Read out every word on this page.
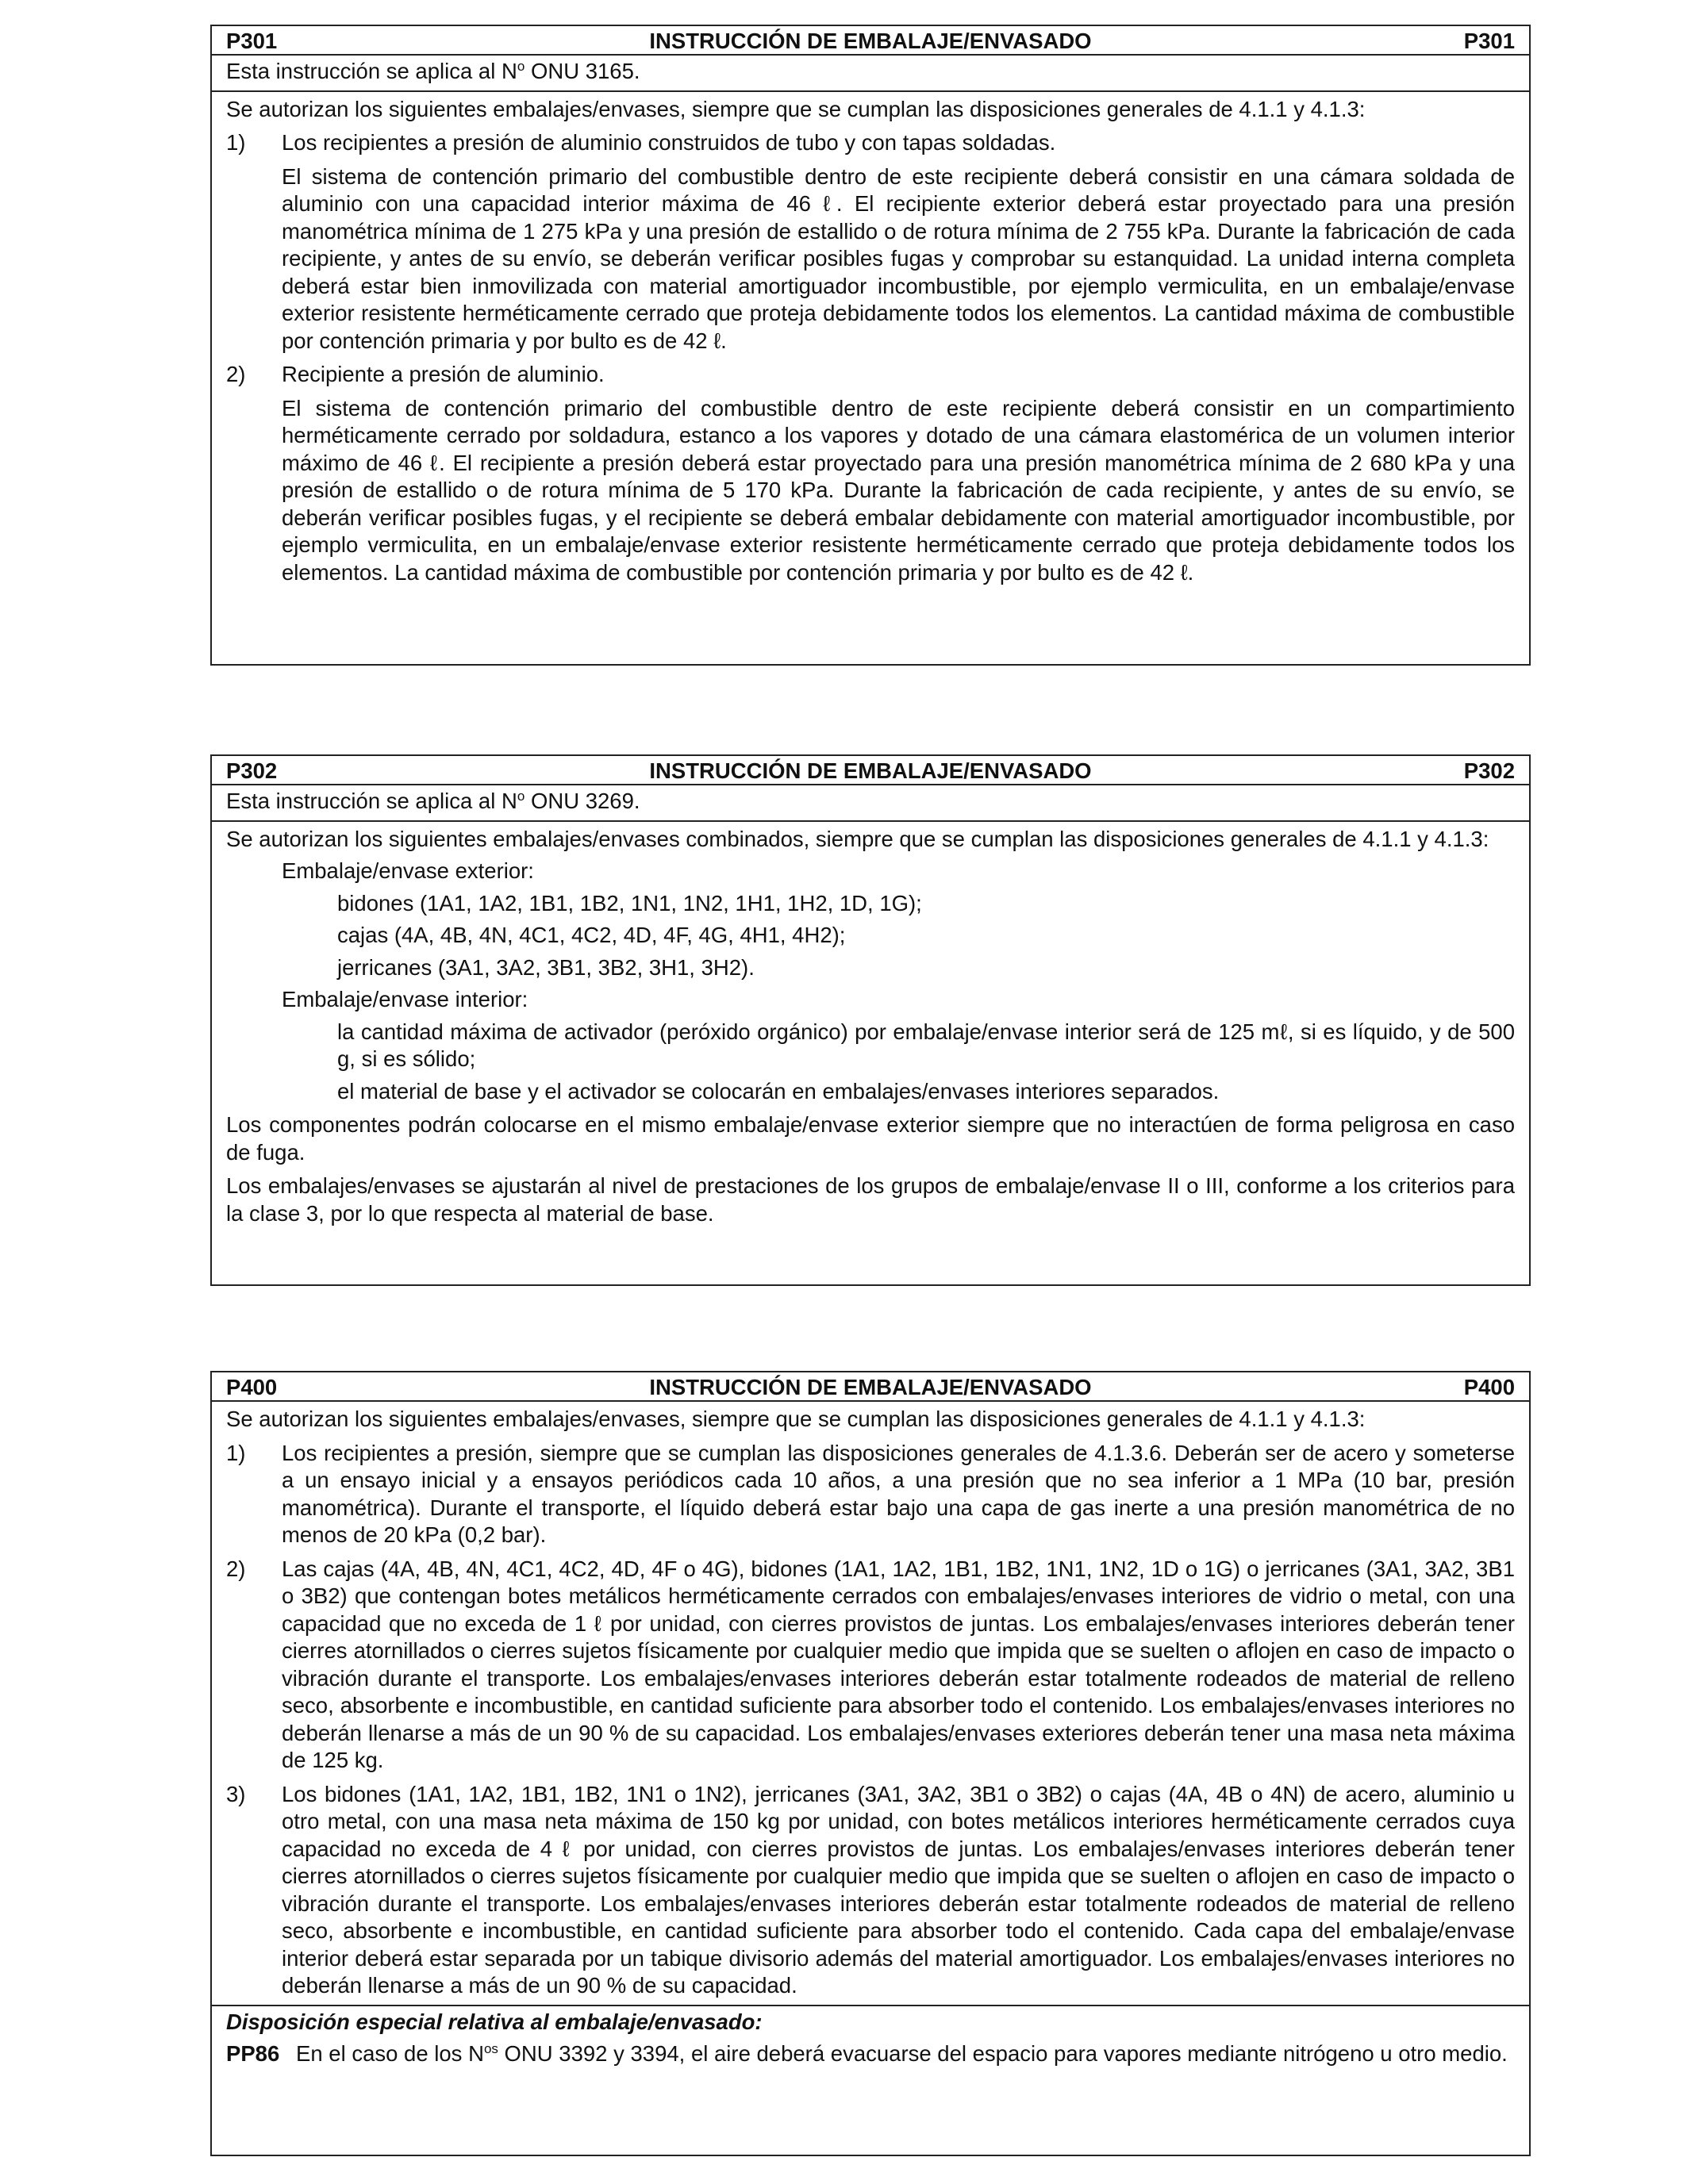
P301	INSTRUCCIÓN DE EMBALAJE/ENVASADO	P301

Esta instrucción se aplica al $N^o$ ONU 3165.

Se autorizan los siguientes embalajes/envases, siempre que se cumplan las disposiciones generales de 4.1.1 y 4.1.3:

1) Los recipientes a presión de aluminio construidos de tubo y con tapas soldadas.

El sistema de contención primario del combustible dentro de este recipiente deberá consistir en una cámara soldada de aluminio con una capacidad interior máxima de 46 ℓ. El recipiente exterior deberá estar proyectado para una presión manométrica mínima de 1 275 kPa y una presión de estallido o de rotura mínima de 2 755 kPa. Durante la fabricación de cada recipiente, y antes de su envío, se deberán verificar posibles fugas y comprobar su estanquidad. La unidad interna completa deberá estar bien inmovilizada con material amortiguador incombustible, por ejemplo vermiculita, en un embalaje/envase exterior resistente herméticamente cerrado que proteja debidamente todos los elementos. La cantidad máxima de combustible por contención primaria y por bulto es de 42 ℓ.

2) Recipiente a presión de aluminio.

El sistema de contención primario del combustible dentro de este recipiente deberá consistir en un compartimiento herméticamente cerrado por soldadura, estanco a los vapores y dotado de una cámara elastomérica de un volumen interior máximo de 46 ℓ. El recipiente a presión deberá estar proyectado para una presión manométrica mínima de 2 680 kPa y una presión de estallido o de rotura mínima de 5 170 kPa. Durante la fabricación de cada recipiente, y antes de su envío, se deberán verificar posibles fugas, y el recipiente se deberá embalar debidamente con material amortiguador incombustible, por ejemplo vermiculita, en un embalaje/envase exterior resistente herméticamente cerrado que proteja debidamente todos los elementos. La cantidad máxima de combustible por contención primaria y por bulto es de 42 ℓ.

P302	INSTRUCCIÓN DE EMBALAJE/ENVASADO	P302

Esta instrucción se aplica al $N^o$ ONU 3269.

Se autorizan los siguientes embalajes/envases combinados, siempre que se cumplan las disposiciones generales de 4.1.1 y 4.1.3:

Embalaje/envase exterior:

bidones (1A1, 1A2, 1B1, 1B2, 1N1, 1N2, 1H1, 1H2, 1D, 1G);

cajas (4A, 4B, 4N, 4C1, 4C2, 4D, 4F, 4G, 4H1, 4H2);

jerricanes (3A1, 3A2, 3B1, 3B2, 3H1, 3H2).

Embalaje/envase interior:

la cantidad máxima de activador (peróxido orgánico) por embalaje/envase interior será de 125 mℓ, si es líquido, y de 500 g, si es sólido;

el material de base y el activador se colocarán en embalajes/envases interiores separados.

Los componentes podrán colocarse en el mismo embalaje/envase exterior siempre que no interactúen de forma peligrosa en caso de fuga.

Los embalajes/envases se ajustarán al nivel de prestaciones de los grupos de embalaje/envase II o III, conforme a los criterios para la clase 3, por lo que respecta al material de base.

P400	INSTRUCCIÓN DE EMBALAJE/ENVASADO	P400

Se autorizan los siguientes embalajes/envases, siempre que se cumplan las disposiciones generales de 4.1.1 y 4.1.3:

1) Los recipientes a presión, siempre que se cumplan las disposiciones generales de 4.1.3.6. Deberán ser de acero y someterse a un ensayo inicial y a ensayos periódicos cada 10 años, a una presión que no sea inferior a 1 MPa (10 bar, presión manométrica). Durante el transporte, el líquido deberá estar bajo una capa de gas inerte a una presión manométrica de no menos de 20 kPa (0,2 bar).

2) Las cajas (4A, 4B, 4N, 4C1, 4C2, 4D, 4F o 4G), bidones (1A1, 1A2, 1B1, 1B2, 1N1, 1N2, 1D o 1G) o jerricanes (3A1, 3A2, 3B1 o 3B2) que contengan botes metálicos herméticamente cerrados con embalajes/envases interiores de vidrio o metal, con una capacidad que no exceda de 1 ℓ por unidad, con cierres provistos de juntas. Los embalajes/envases interiores deberán tener cierres atornillados o cierres sujetos físicamente por cualquier medio que impida que se suelten o aflojen en caso de impacto o vibración durante el transporte. Los embalajes/envases interiores deberán estar totalmente rodeados de material de relleno seco, absorbente e incombustible, en cantidad suficiente para absorber todo el contenido. Los embalajes/envases interiores no deberán llenarse a más de un 90 % de su capacidad. Los embalajes/envases exteriores deberán tener una masa neta máxima de 125 kg.

3) Los bidones (1A1, 1A2, 1B1, 1B2, 1N1 o 1N2), jerricanes (3A1, 3A2, 3B1 o 3B2) o cajas (4A, 4B o 4N) de acero, aluminio u otro metal, con una masa neta máxima de 150 kg por unidad, con botes metálicos interiores herméticamente cerrados cuya capacidad no exceda de 4 ℓ por unidad, con cierres provistos de juntas. Los embalajes/envases interiores deberán tener cierres atornillados o cierres sujetos físicamente por cualquier medio que impida que se suelten o aflojen en caso de impacto o vibración durante el transporte. Los embalajes/envases interiores deberán estar totalmente rodeados de material de relleno seco, absorbente e incombustible, en cantidad suficiente para absorber todo el contenido. Cada capa del embalaje/envase interior deberá estar separada por un tabique divisorio además del material amortiguador. Los embalajes/envases interiores no deberán llenarse a más de un 90 % de su capacidad.

Disposición especial relativa al embalaje/envasado:

PP86 En el caso de los $N^{os}$ ONU 3392 y 3394, el aire deberá evacuarse del espacio para vapores mediante nitrógeno u otro medio.
